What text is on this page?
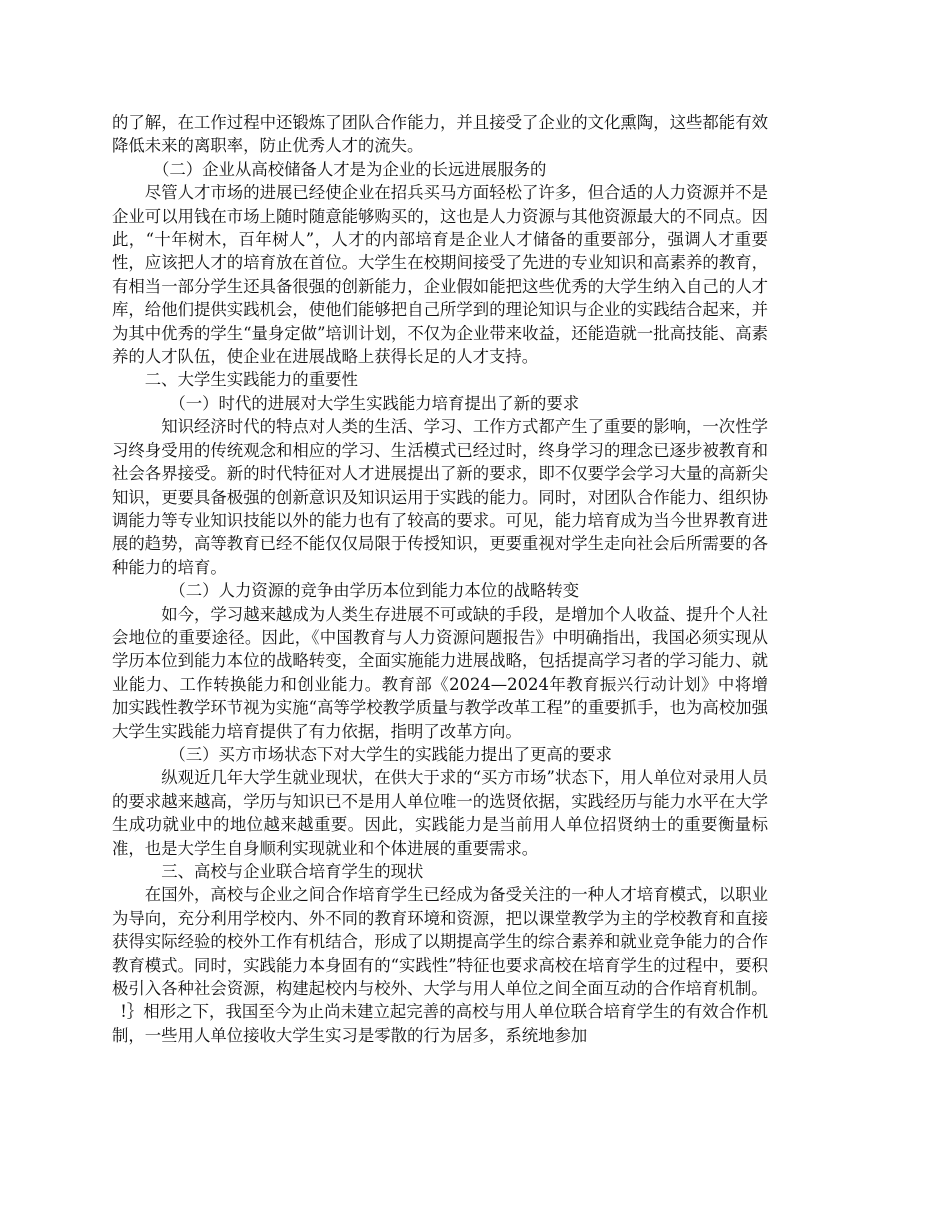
的了解，在工作过程中还锻炼了团队合作能力，并且接受了企业的文化熏陶，这些都能有效降低未来的离职率，防止优秀人才的流失。

（二）企业从高校储备人才是为企业的长远进展服务的

尽管人才市场的进展已经使企业在招兵买马方面轻松了许多，但合适的人力资源并不是企业可以用钱在市场上随时随意能够购买的，这也是人力资源与其他资源最大的不同点。因此，“十年树木，百年树人”，人才的内部培育是企业人才储备的重要部分，强调人才重要性，应该把人才的培育放在首位。大学生在校期间接受了先进的专业知识和高素养的教育，有相当一部分学生还具备很强的创新能力，企业假如能把这些优秀的大学生纳入自己的人才库，给他们提供实践机会，使他们能够把自己所学到的理论知识与企业的实践结合起来，并为其中优秀的学生“量身定做”培训计划，不仅为企业带来收益，还能造就一批高技能、高素养的人才队伍，使企业在进展战略上获得长足的人才支持。

二、大学生实践能力的重要性

（一）时代的进展对大学生实践能力培育提出了新的要求

知识经济时代的特点对人类的生活、学习、工作方式都产生了重要的影响，一次性学习终身受用的传统观念和相应的学习、生活模式已经过时，终身学习的理念已逐步被教育和社会各界接受。新的时代特征对人才进展提出了新的要求，即不仅要学会学习大量的高新尖知识，更要具备极强的创新意识及知识运用于实践的能力。同时，对团队合作能力、组织协调能力等专业知识技能以外的能力也有了较高的要求。可见，能力培育成为当今世界教育进展的趋势，高等教育已经不能仅仅局限于传授知识，更要重视对学生走向社会后所需要的各种能力的培育。

（二）人力资源的竞争由学历本位到能力本位的战略转变

如今，学习越来越成为人类生存进展不可或缺的手段，是增加个人收益、提升个人社会地位的重要途径。因此，《中国教育与人力资源问题报告》中明确指出，我国必须实现从学历本位到能力本位的战略转变，全面实施能力进展战略，包括提高学习者的学习能力、就业能力、工作转换能力和创业能力。教育部《2024—2024年教育振兴行动计划》中将增加实践性教学环节视为实施“高等学校教学质量与教学改革工程”的重要抓手，也为高校加强大学生实践能力培育提供了有力依据，指明了改革方向。

（三）买方市场状态下对大学生的实践能力提出了更高的要求

纵观近几年大学生就业现状，在供大于求的“买方市场”状态下，用人单位对录用人员的要求越来越高，学历与知识已不是用人单位唯一的选贤依据，实践经历与能力水平在大学生成功就业中的地位越来越重要。因此，实践能力是当前用人单位招贤纳士的重要衡量标准，也是大学生自身顺利实现就业和个体进展的重要需求。

三、高校与企业联合培育学生的现状

在国外，高校与企业之间合作培育学生已经成为备受关注的一种人才培育模式，以职业为导向，充分利用学校内、外不同的教育环境和资源，把以课堂教学为主的学校教育和直接获得实际经验的校外工作有机结合，形成了以期提高学生的综合素养和就业竞争能力的合作教育模式。同时，实践能力本身固有的“实践性”特征也要求高校在培育学生的过程中，要积极引入各种社会资源，构建起校内与校外、大学与用人单位之间全面互动的合作培育机制。

!｝相形之下，我国至今为止尚未建立起完善的高校与用人单位联合培育学生的有效合作机制，一些用人单位接收大学生实习是零散的行为居多，系统地参加
